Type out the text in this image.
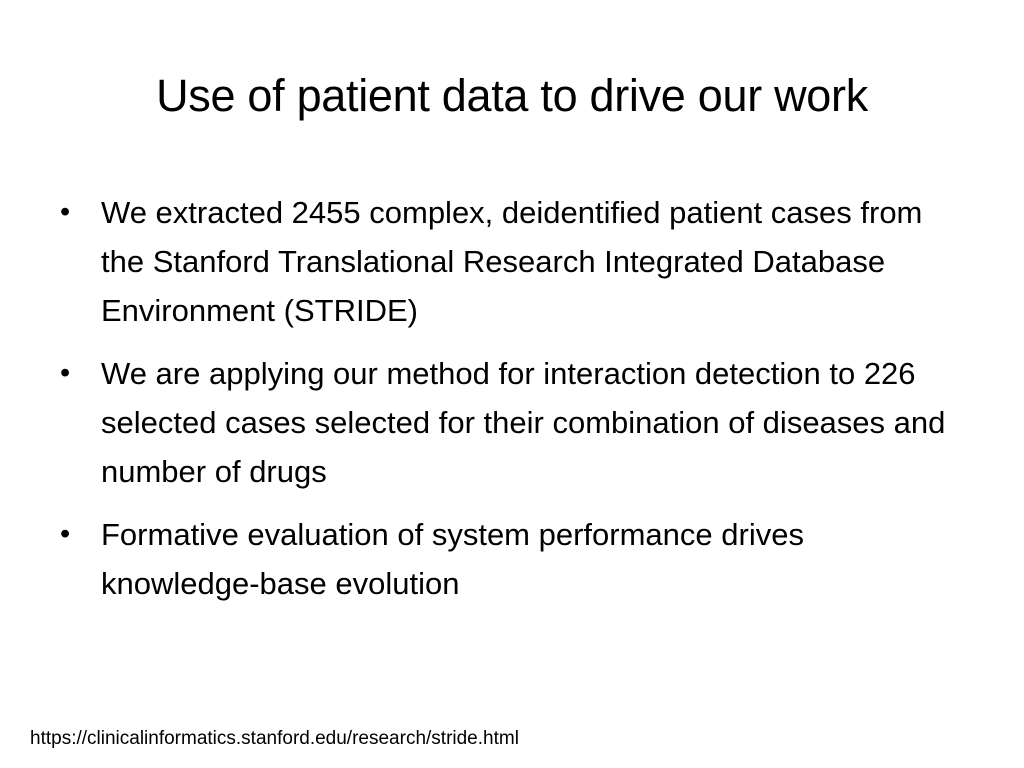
Use of patient data to drive our work
• We extracted 2455 complex, deidentified patient cases from the Stanford Translational Research Integrated Database Environment (STRIDE)
• We are applying our method for interaction detection to 226 selected cases selected for their combination of diseases and number of drugs
• Formative evaluation of system performance drives knowledge-base evolution
https://clinicalinformatics.stanford.edu/research/stride.html
